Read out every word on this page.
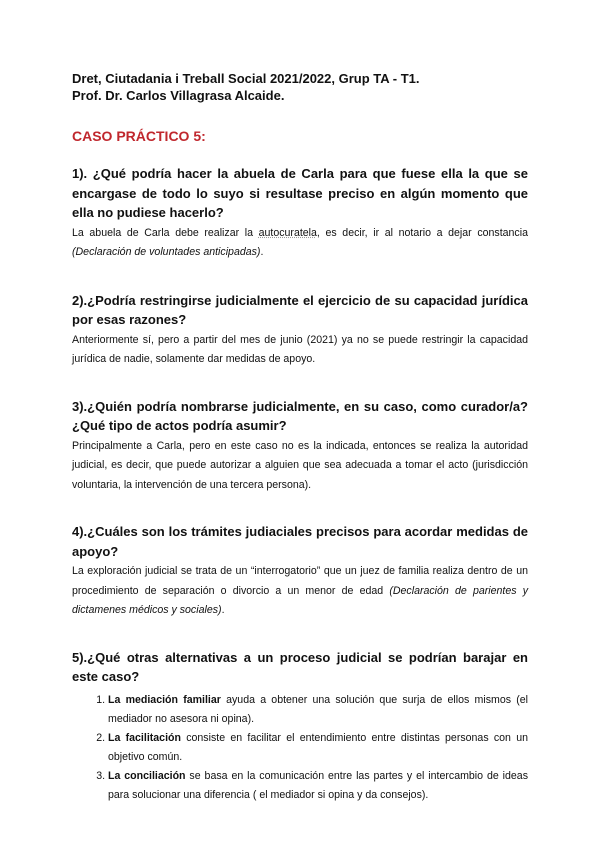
Dret, Ciutadania i Treball Social 2021/2022, Grup TA - T1.

Prof. Dr. Carlos Villagrasa Alcaide.

CASO PRÁCTICO 5:

1). ¿Qué podría hacer la abuela de Carla para que fuese ella la que se encargase de todo lo suyo si resultase preciso en algún momento que ella no pudiese hacerlo?

La abuela de Carla debe realizar la autocuratela, es decir, ir al notario a dejar constancia (Declaración de voluntades anticipadas).

2).¿Podría restringirse judicialmente el ejercicio de su capacidad jurídica por esas razones?

Anteriormente sí, pero a partir del mes de junio (2021) ya no se puede restringir la capacidad jurídica de nadie, solamente dar medidas de apoyo.

3).¿Quién podría nombrarse judicialmente, en su caso, como curador/a? ¿Qué tipo de actos podría asumir?

Principalmente a Carla, pero en este caso no es la indicada, entonces se realiza la autoridad judicial, es decir, que puede autorizar a alguien que sea adecuada a tomar el acto (jurisdicción voluntaria, la intervención de una tercera persona).

4).¿Cuáles son los trámites judiaciales precisos para acordar medidas de apoyo?

La exploración judicial se trata de un “interrogatorio” que un juez de familia realiza dentro de un procedimiento de separación o divorcio a un menor de edad (Declaración de parientes y dictamenes médicos y sociales).

5).¿Qué otras alternativas a un proceso judicial se podrían barajar en este caso?

1. La mediación familiar ayuda a obtener una solución que surja de ellos mismos (el mediador no asesora ni opina).
2. La facilitación consiste en facilitar el entendimiento entre distintas personas con un objetivo común.
3. La conciliación se basa en la comunicación entre las partes y el intercambio de ideas para solucionar una diferencia ( el mediador si opina y da consejos).
